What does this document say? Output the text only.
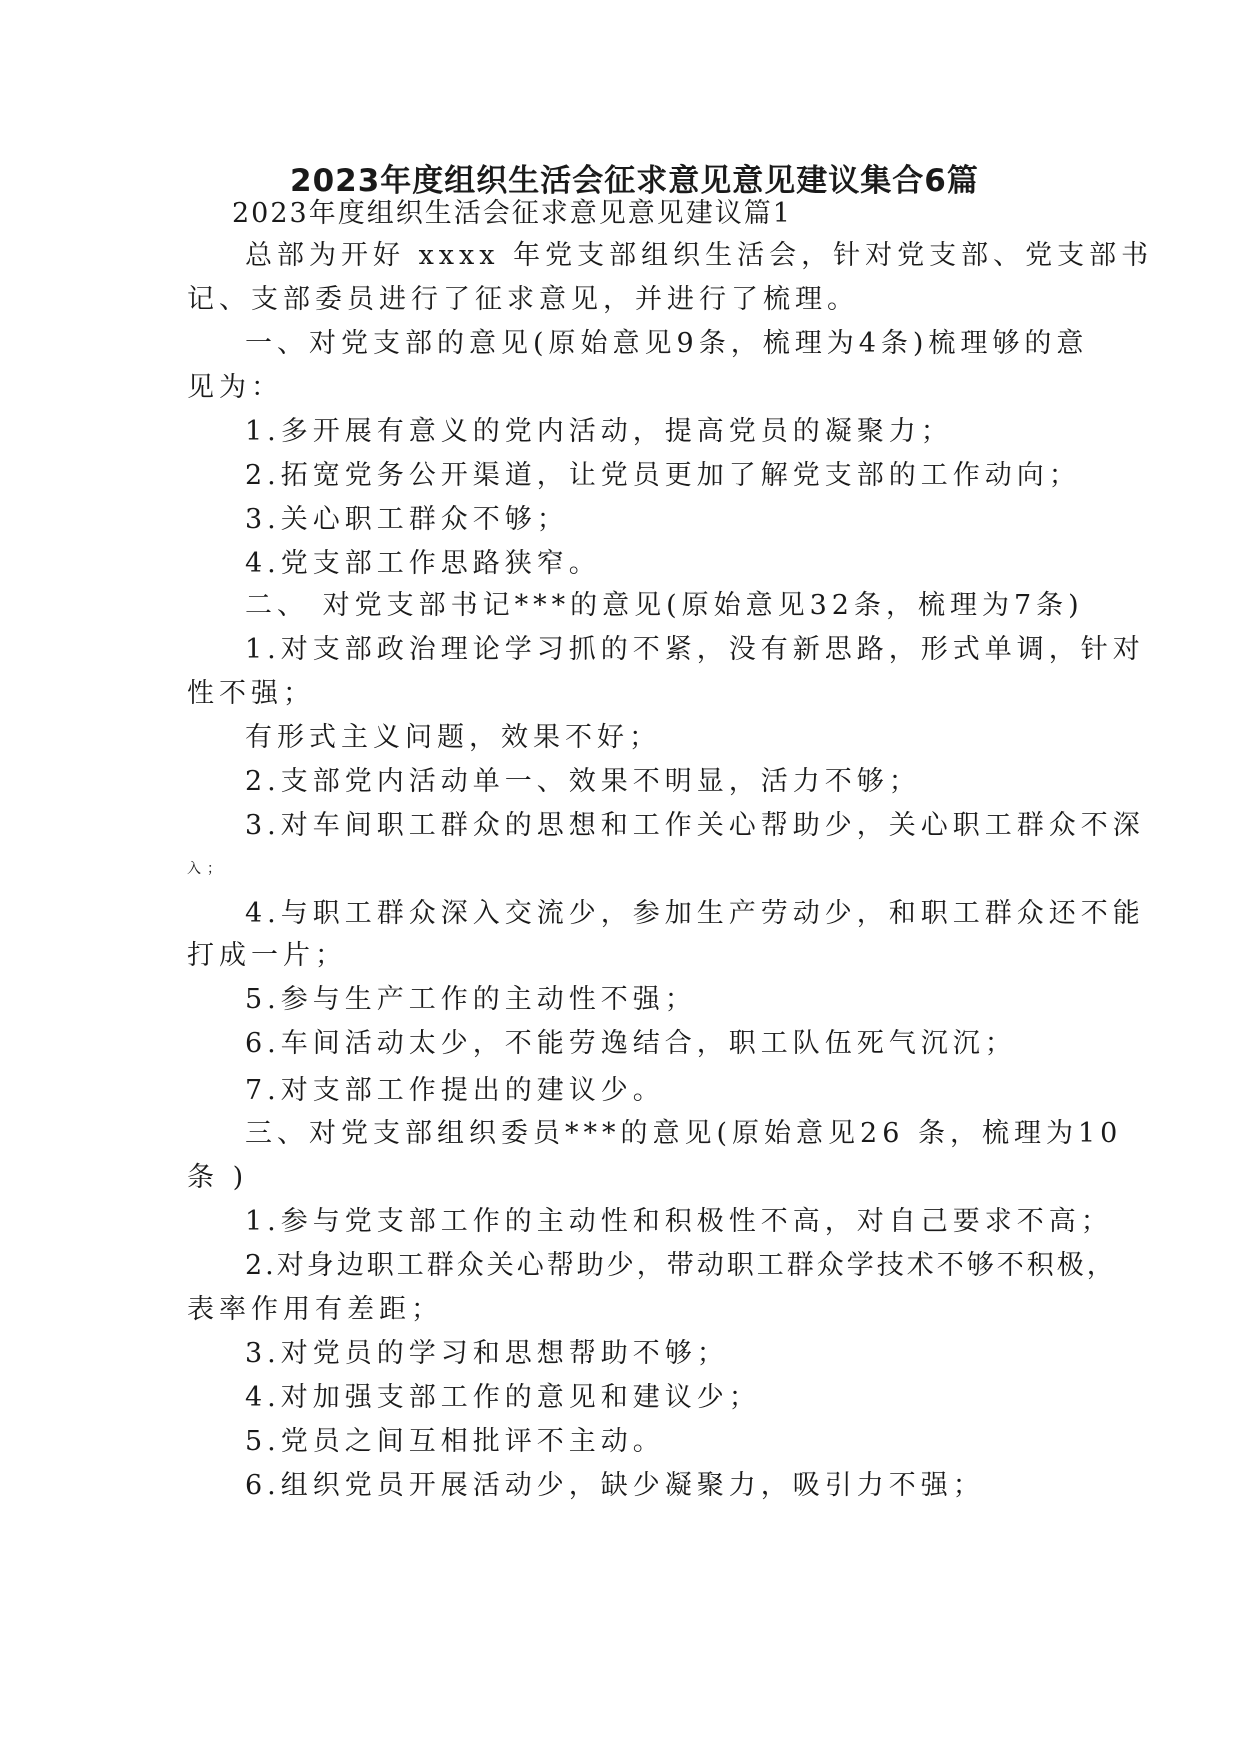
2023年度组织生活会征求意见意见建议集合6篇
2023年度组织生活会征求意见意见建议篇1
总部为开好 xxxx 年党支部组织生活会，针对党支部、党支部书
记、支部委员进行了征求意见，并进行了梳理。
一、对党支部的意见(原始意见9条，梳理为4条)梳理够的意
见为：
1.多开展有意义的党内活动，提高党员的凝聚力；
2.拓宽党务公开渠道，让党员更加了解党支部的工作动向；
3.关心职工群众不够；
4.党支部工作思路狭窄。
二、 对党支部书记***的意见(原始意见32条，梳理为7条)
1.对支部政治理论学习抓的不紧，没有新思路，形式单调，针对
性不强；
有形式主义问题，效果不好；
2.支部党内活动单一、效果不明显，活力不够；
3.对车间职工群众的思想和工作关心帮助少，关心职工群众不深
入；
4.与职工群众深入交流少，参加生产劳动少，和职工群众还不能
打成一片；
5.参与生产工作的主动性不强；
6.车间活动太少，不能劳逸结合，职工队伍死气沉沉；
7.对支部工作提出的建议少。
三、对党支部组织委员***的意见(原始意见26 条，梳理为10
条 )
1.参与党支部工作的主动性和积极性不高，对自己要求不高；
2.对身边职工群众关心帮助少，带动职工群众学技术不够不积极，
表率作用有差距；
3.对党员的学习和思想帮助不够；
4.对加强支部工作的意见和建议少；
5.党员之间互相批评不主动。
6.组织党员开展活动少，缺少凝聚力，吸引力不强；
